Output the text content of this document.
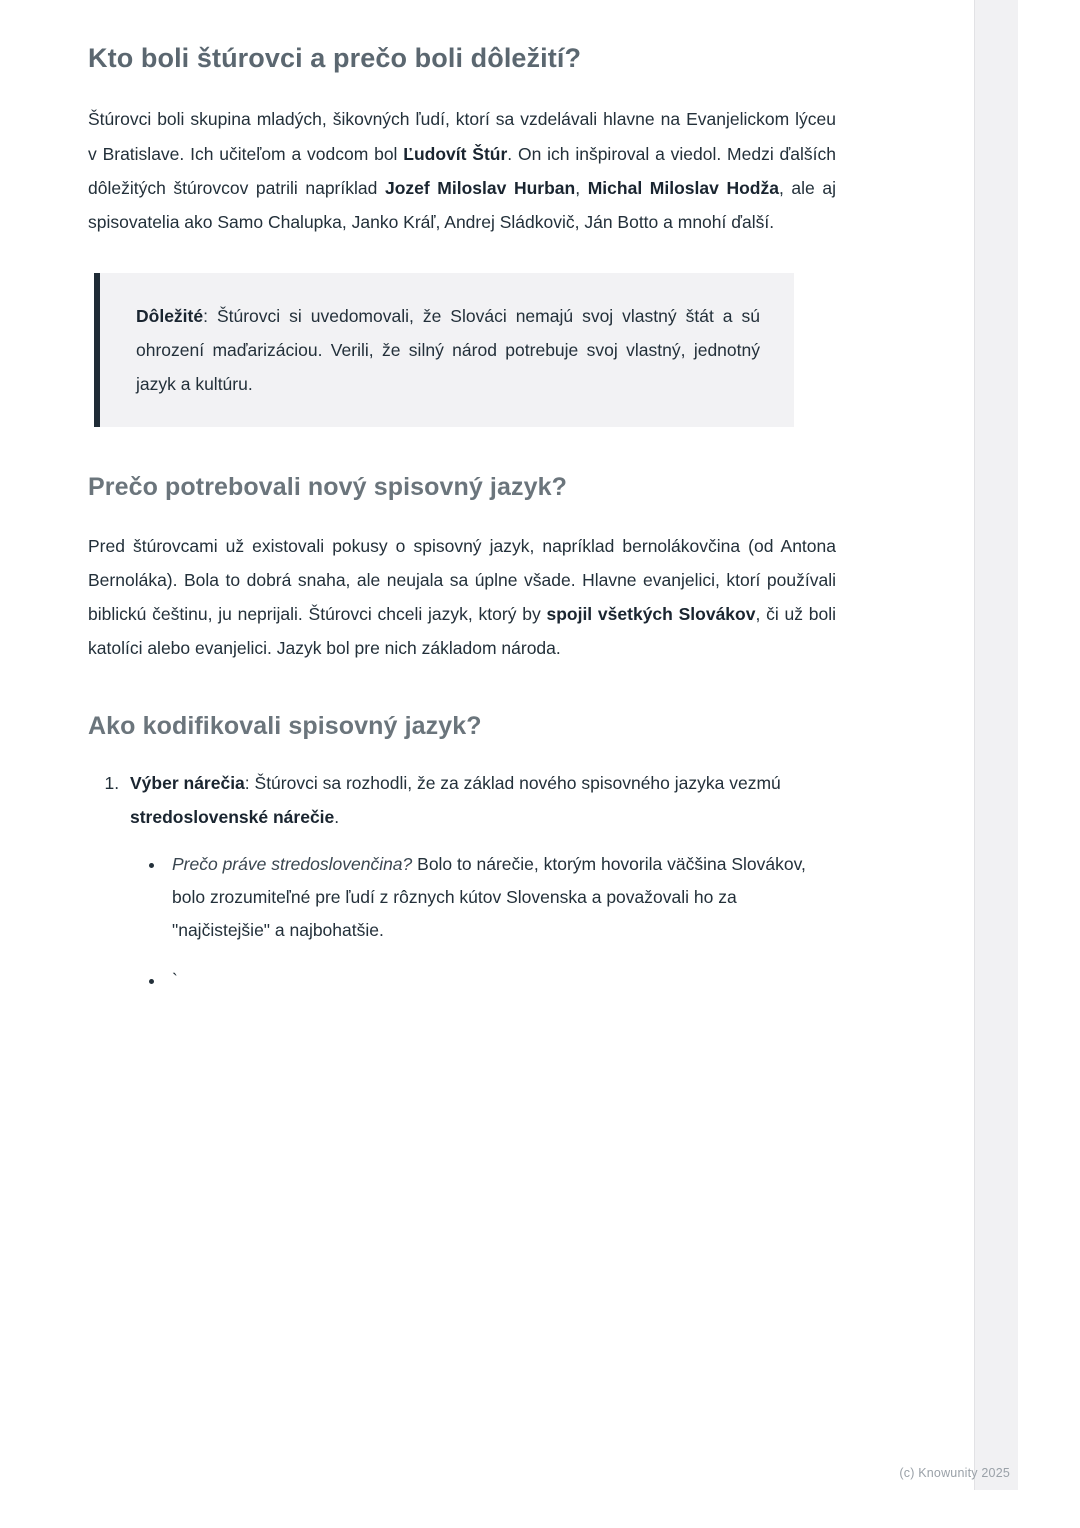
Kto boli štúrovci a prečo boli dôležití?

Štúrovci boli skupina mladých, šikovných ľudí, ktorí sa vzdelávali hlavne na Evanjelickom lýceu v Bratislave. Ich učiteľom a vodcom bol Ľudovít Štúr. On ich inšpiroval a viedol. Medzi ďalších dôležitých štúrovcov patrili napríklad Jozef Miloslav Hurban, Michal Miloslav Hodža, ale aj spisovatelia ako Samo Chalupka, Janko Kráľ, Andrej Sládkovič, Ján Botto a mnohí ďalší.

Dôležité: Štúrovci si uvedomovali, že Slováci nemajú svoj vlastný štát a sú ohrození maďarizáciou. Verili, že silný národ potrebuje svoj vlastný, jednotný jazyk a kultúru.

Prečo potrebovali nový spisovný jazyk?

Pred štúrovcami už existovali pokusy o spisovný jazyk, napríklad bernolákovčina (od Antona Bernoláka). Bola to dobrá snaha, ale neujala sa úplne všade. Hlavne evanjelici, ktorí používali biblickú češtinu, ju neprijali. Štúrovci chceli jazyk, ktorý by spojil všetkých Slovákov, či už boli katolíci alebo evanjelici. Jazyk bol pre nich základom národa.

Ako kodifikovali spisovný jazyk?
1. Výber nárečia: Štúrovci sa rozhodli, že za základ nového spisovného jazyka vezmú stredoslovenské nárečie.
• Prečo práve stredoslovenčina? Bolo to nárečie, ktorým hovorila väčšina Slovákov, bolo zrozumiteľné pre ľudí z rôznych kútov Slovenska a považovali ho za "najčistejšie" a najbohatšie.
• `
(c) Knowunity 2025
